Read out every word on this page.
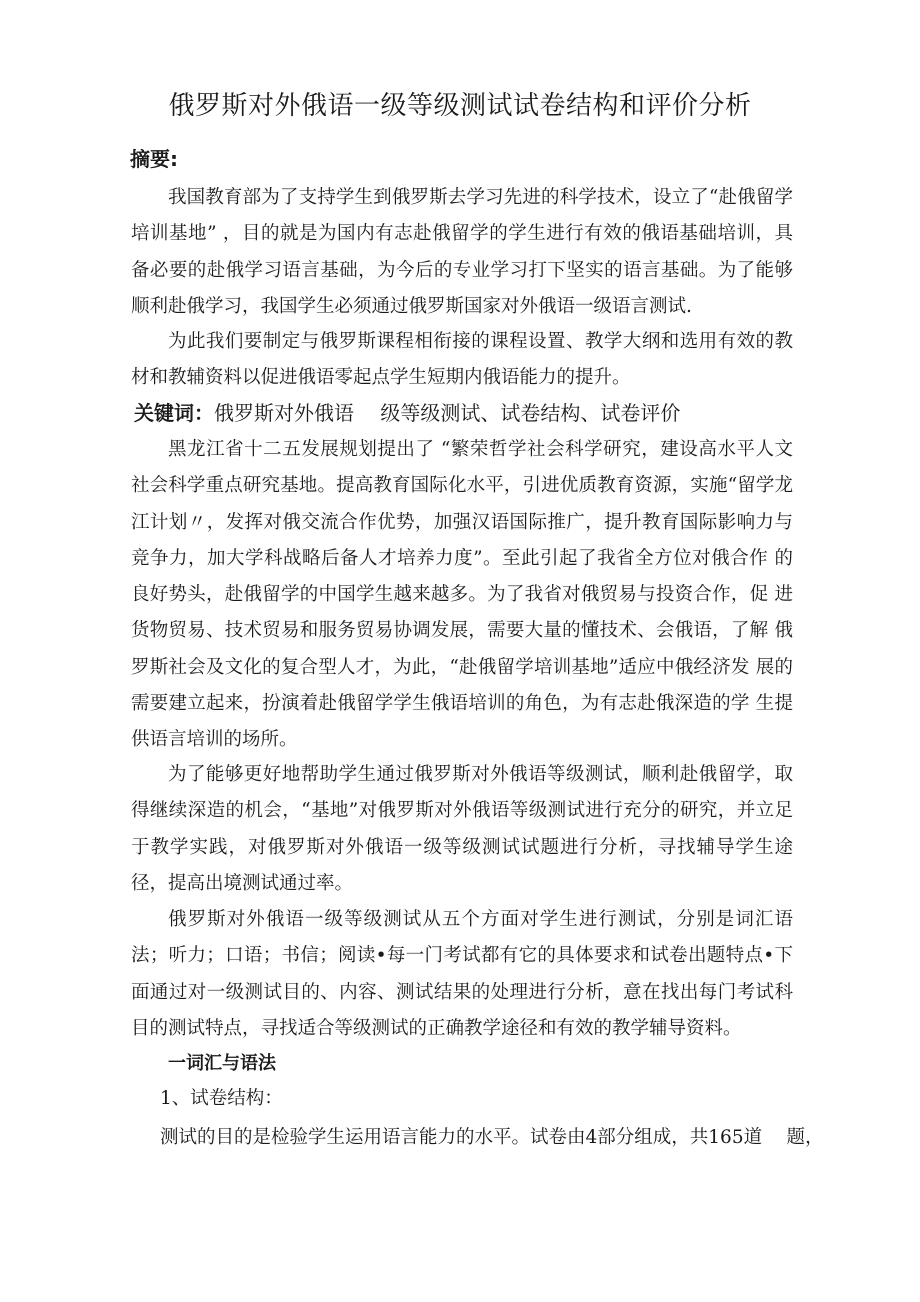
俄罗斯对外俄语一级等级测试试卷结构和评价分析
摘要:
我国教育部为了支持学生到俄罗斯去学习先进的科学技术，设立了“赴俄留学培训基地” ，目的就是为国内有志赴俄留学的学生进行有效的俄语基础培训，具备必要的赴俄学习语言基础，为今后的专业学习打下坚实的语言基础。为了能够顺利赴俄学习，我国学生必须通过俄罗斯国家对外俄语一级语言测试.
为此我们要制定与俄罗斯课程相衔接的课程设置、教学大纲和选用有效的教材和教辅资料以促进俄语零起点学生短期内俄语能力的提升。
关键词：俄罗斯对外俄语　 级等级测试、试卷结构、试卷评价
黑龙江省十二五发展规划提出了 “繁荣哲学社会科学研究，建设高水平人文社会科学重点研究基地。提高教育国际化水平，引进优质教育资源，实施“留学龙江计划〃，发挥对俄交流合作优势，加强汉语国际推广，提升教育国际影响力与竞争力，加大学科战略后备人才培养力度”。至此引起了我省全方位对俄合作 的良好势头，赴俄留学的中国学生越来越多。为了我省对俄贸易与投资合作，促 进货物贸易、技术贸易和服务贸易协调发展，需要大量的懂技术、会俄语，了解 俄罗斯社会及文化的复合型人才，为此，“赴俄留学培训基地”适应中俄经济发 展的需要建立起来，扮演着赴俄留学学生俄语培训的角色，为有志赴俄深造的学 生提供语言培训的场所。
为了能够更好地帮助学生通过俄罗斯对外俄语等级测试，顺利赴俄留学，取得继续深造的机会，“基地”对俄罗斯对外俄语等级测试进行充分的研究，并立足于教学实践，对俄罗斯对外俄语一级等级测试试题进行分析，寻找辅导学生途径，提高出境测试通过率。
俄罗斯对外俄语一级等级测试从五个方面对学生进行测试，分别是词汇语法；听力；口语；书信；阅读•每一门考试都有它的具体要求和试卷出题特点•下面通过对一级测试目的、内容、测试结果的处理进行分析，意在找出每门考试科目的测试特点，寻找适合等级测试的正确教学途径和有效的教学辅导资料。
一词汇与语法
1、试卷结构：
测试的目的是检验学生运用语言能力的水平。试卷由4部分组成，共165道　 题，
